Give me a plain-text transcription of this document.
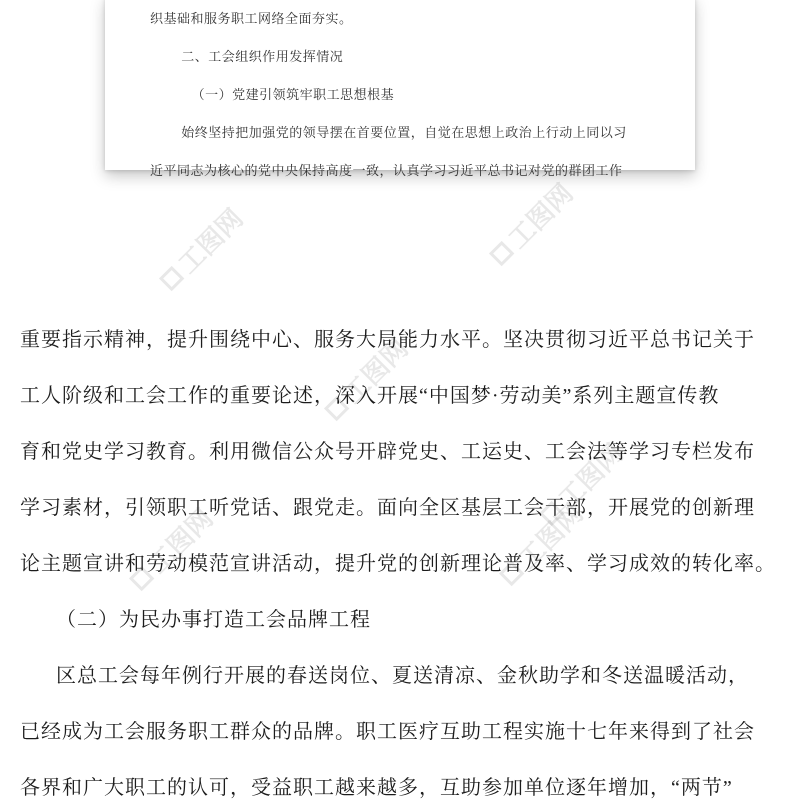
工图网	工图网
工图网
工图网
工图网
工图网
织基础和服务职工网络全面夯实。
二、工会组织作用发挥情况
（一）党建引领筑牢职工思想根基
始终坚持把加强党的领导摆在首要位置，自觉在思想上政治上行动上同以习
近平同志为核心的党中央保持高度一致，认真学习习近平总书记对党的群团工作
重要指示精神，提升围绕中心、服务大局能力水平。坚决贯彻习近平总书记关于
工人阶级和工会工作的重要论述，深入开展“中国梦·劳动美”系列主题宣传教
育和党史学习教育。利用微信公众号开辟党史、工运史、工会法等学习专栏发布
学习素材，引领职工听党话、跟党走。面向全区基层工会干部，开展党的创新理
论主题宣讲和劳动模范宣讲活动，提升党的创新理论普及率、学习成效的转化率。
（二）为民办事打造工会品牌工程
区总工会每年例行开展的春送岗位、夏送清凉、金秋助学和冬送温暖活动，
已经成为工会服务职工群众的品牌。职工医疗互助工程实施十七年来得到了社会
各界和广大职工的认可，受益职工越来越多，互助参加单位逐年增加，“两节”
